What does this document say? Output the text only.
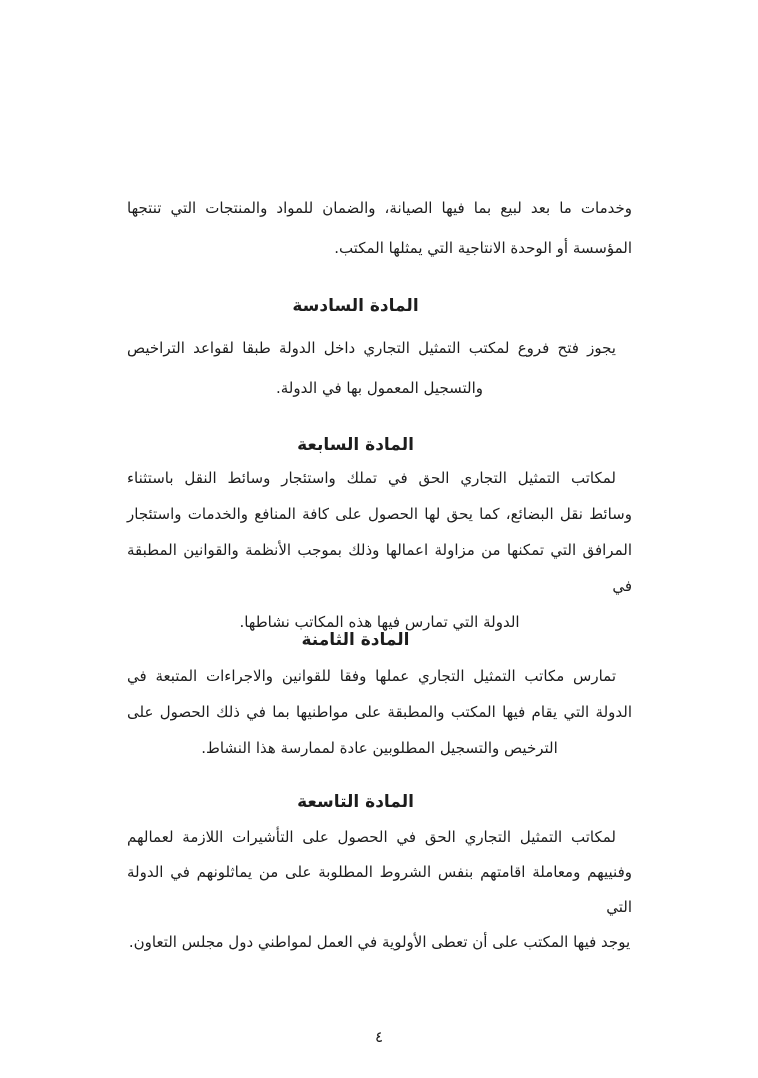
وخدمات ما بعد لبيع بما فيها الصيانة، والضمان للمواد والمنتجات التي تنتجها
المؤسسة أو الوحدة الانتاجية التي يمثلها المكتب.
المادة السادسة
يجوز فتح فروع لمكتب التمثيل التجاري داخل الدولة طبقا لقواعد التراخيص
والتسجيل المعمول بها في الدولة.
المادة السابعة
لمكاتب التمثيل التجاري الحق في تملك واستئجار وسائط النقل باستثناء
وسائط نقل البضائع، كما يحق لها الحصول على كافة المنافع والخدمات واستئجار
المرافق التي تمكنها من مزاولة اعمالها وذلك بموجب الأنظمة والقوانين المطبقة في
الدولة التي تمارس فيها هذه المكاتب نشاطها.
المادة الثامنة
تمارس مكاتب التمثيل التجاري عملها وفقا للقوانين والاجراءات المتبعة في
الدولة التي يقام فيها المكتب والمطبقة على مواطنيها بما في ذلك الحصول على
الترخيص والتسجيل المطلوبين عادة لممارسة هذا النشاط.
المادة التاسعة
لمكاتب التمثيل التجاري الحق في الحصول على التأشيرات اللازمة لعمالهم
وفنييهم ومعاملة اقامتهم بنفس الشروط المطلوبة على من يماثلونهم في الدولة التي
يوجد فيها المكتب على أن تعطى الأولوية في العمل لمواطني دول مجلس التعاون.
٤
